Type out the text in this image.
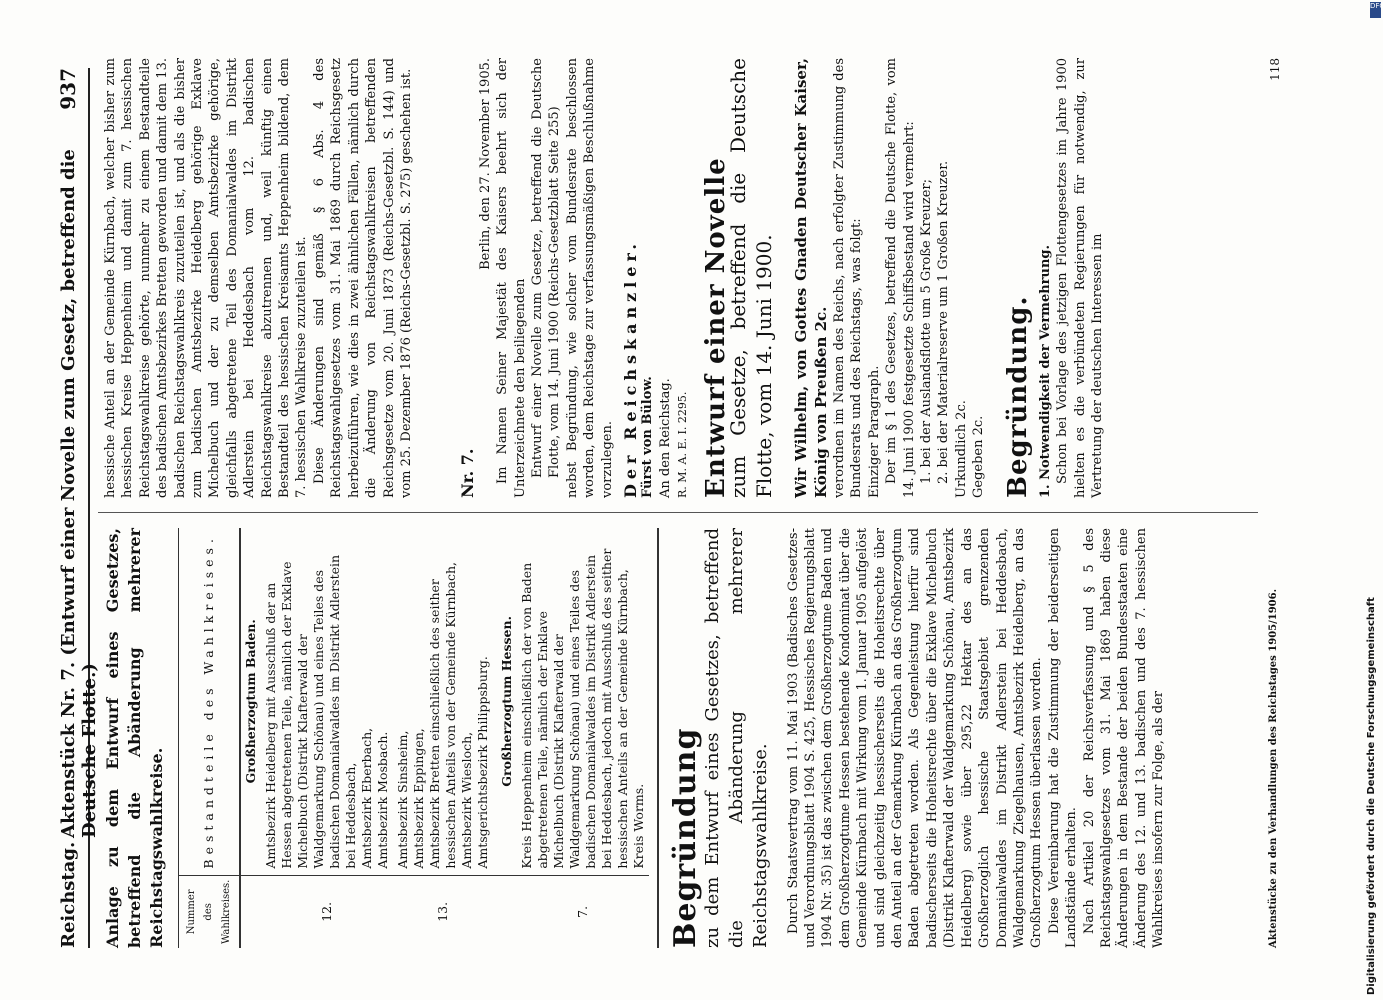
Reichstag.
Aktenstück Nr. 7. (Entwurf einer Novelle zum Gesetz, betreffend die Deutsche Flotte.)
937

Anlage zu dem Entwurf eines Gesetzes, betreffend die Abänderung mehrerer Reichstagswahlkreise. Nummer des Wahlkreises.	Bestandteile des Wahlkreises.
	Großherzogtum Baden.
12.	Amtsbezirk Heidelberg mit Ausschluß der an Hessen abgetretenen Teile, nämlich der Exklave Michelbuch (Distrikt Klafterwald der Waldgemarkung Schönau) und eines Teiles des badischen Domanialwaldes im Distrikt Adlerstein bei Heddesbach, Amtsbezirk Eberbach, Amtsbezirk Mosbach.

13.	Amtsbezirk Sinsheim, Amtsbezirk Eppingen, Amtsbezirk Bretten einschließlich des seither hessischen Anteils von der Gemeinde Kürnbach, Amtsbezirk Wiesloch, Amtsgerichtsbezirk Philippsburg.

	Großherzogtum Hessen.
7.	Kreis Heppenheim einschließlich der von Baden abgetretenen Teile, nämlich der Enklave Michelbuch (Distrikt Klafterwald der Waldgemarkung Schönau) und eines Teiles des badischen Domanialwaldes im Distrikt Adlerstein bei Heddesbach, jedoch mit Ausschluß des seither hessischen Anteils an der Gemeinde Kürnbach, Kreis Worms. Begründung

zu dem Entwurf eines Gesetzes, betreffend die Abänderung mehrerer Reichstagswahlkreise. Durch Staatsvertrag vom 11. Mai 1903 (Badisches Gesetzes- und Verordnungsblatt 1904 S. 425, Hessisches Regierungsblatt 1904 Nr. 35) ist das zwischen dem Großherzogtume Baden und dem Großherzogtume Hessen bestehende Kondominat über die Gemeinde Kürnbach mit Wirkung vom 1. Januar 1905 aufgelöst und sind gleichzeitig hessischerseits die Hoheitsrechte über den Anteil an der Gemarkung Kürnbach an das Großherzogtum Baden abgetreten worden. Als Gegenleistung hierfür sind badischerseits die Hoheitsrechte über die Exklave Michelbuch (Distrikt Klafterwald der Waldgemarkung Schönau, Amtsbezirk Heidelberg) sowie über 295,22 Hektar des an das Großherzoglich hessische Staatsgebiet grenzenden Domanialwaldes im Distrikt Adlerstein bei Heddesbach, Waldgemarkung Ziegelhausen, Amtsbezirk Heidelberg, an das Großherzogtum Hessen überlassen worden. Diese Vereinbarung hat die Zustimmung der beiderseitigen Landstände erhalten. Nach Artikel 20 der Reichsverfassung und § 5 des Reichstagswahlgesetzes vom 31. Mai 1869 haben diese Änderungen in dem Bestande der beiden Bundesstaaten eine Änderung des 12. und 13. badischen und des 7. hessischen Wahlkreises insofern zur Folge, als der	Aktenstücke zu den Verhandlungen des Reichstages 1905/1906.

hessische Anteil an der Gemeinde Kürnbach, welcher bisher zum hessischen Kreise Heppenheim und damit zum 7. hessischen Reichstagswahlkreise gehörte, nunmehr zu einem Bestandteile des badischen Amtsbezirkes Bretten geworden und damit dem 13. badischen Reichstagswahlkreis zuzuteilen ist, und als die bisher zum badischen Amtsbezirke Heidelberg gehörige Exklave Michelbuch und der zu demselben Amtsbezirke gehörige, gleichfalls abgetretene Teil des Domanialwaldes im Distrikt Adlerstein bei Heddesbach vom 12. badischen Reichstagswahlkreise abzutrennen und, weil künftig einen Bestandteil des hessischen Kreisamts Heppenheim bildend, dem 7. hessischen Wahlkreise zuzuteilen ist. Diese Änderungen sind gemäß § 6 Abs. 4 des Reichstagswahlgesetzes vom 31. Mai 1869 durch Reichsgesetz herbeizuführen, wie dies in zwei ähnlichen Fällen, nämlich durch die Änderung von Reichstagswahlkreisen betreffenden Reichsgesetze vom 20. Juni 1873 (Reichs-Gesetzbl. S. 144) und vom 25. Dezember 1876 (Reichs-Gesetzbl. S. 275) geschehen ist.	Nr. 7.

Berlin, den 27. November 1905. Im Namen Seiner Majestät des Kaisers beehrt sich der Unterzeichnete den beiliegenden Entwurf einer Novelle zum Gesetze, betreffend die Deutsche Flotte, vom 14. Juni 1900 (Reichs-Gesetzblatt Seite 255) nebst Begründung, wie solcher vom Bundesrate beschlossen worden, dem Reichstage zur verfassungsmäßigen Beschlußnahme vorzulegen. Der Reichskanzler. Fürst von Bülow. An den Reichstag. R. M. A. E. I. 2295. Entwurf einer Novelle

zum Gesetze, betreffend die Deutsche Flotte, vom 14. Juni 1900. Wir Wilhelm, von Gottes Gnaden Deutscher Kaiser, König von Preußen 2c. verordnen im Namen des Reichs, nach erfolgter Zustimmung des Bundesrats und des Reichstags, was folgt: Einziger Paragraph. Der im § 1 des Gesetzes, betreffend die Deutsche Flotte, vom 14. Juni 1900 festgesetzte Schiffsbestand wird vermehrt: 1. bei der Auslandsflotte um 5 Große Kreuzer; 2. bei der Materialreserve um 1 Großen Kreuzer. Urkundlich 2c. Gegeben 2c. Begründung. 1. Notwendigkeit der Vermehrung. Schon bei Vorlage des jetzigen Flottengesetzes im Jahre 1900 hielten es die verbündeten Regierungen für notwendig, zur Vertretung der deutschen Interessen im

118
DFG
Digitalisierung gefördert durch die Deutsche Forschungsgemeinschaft
